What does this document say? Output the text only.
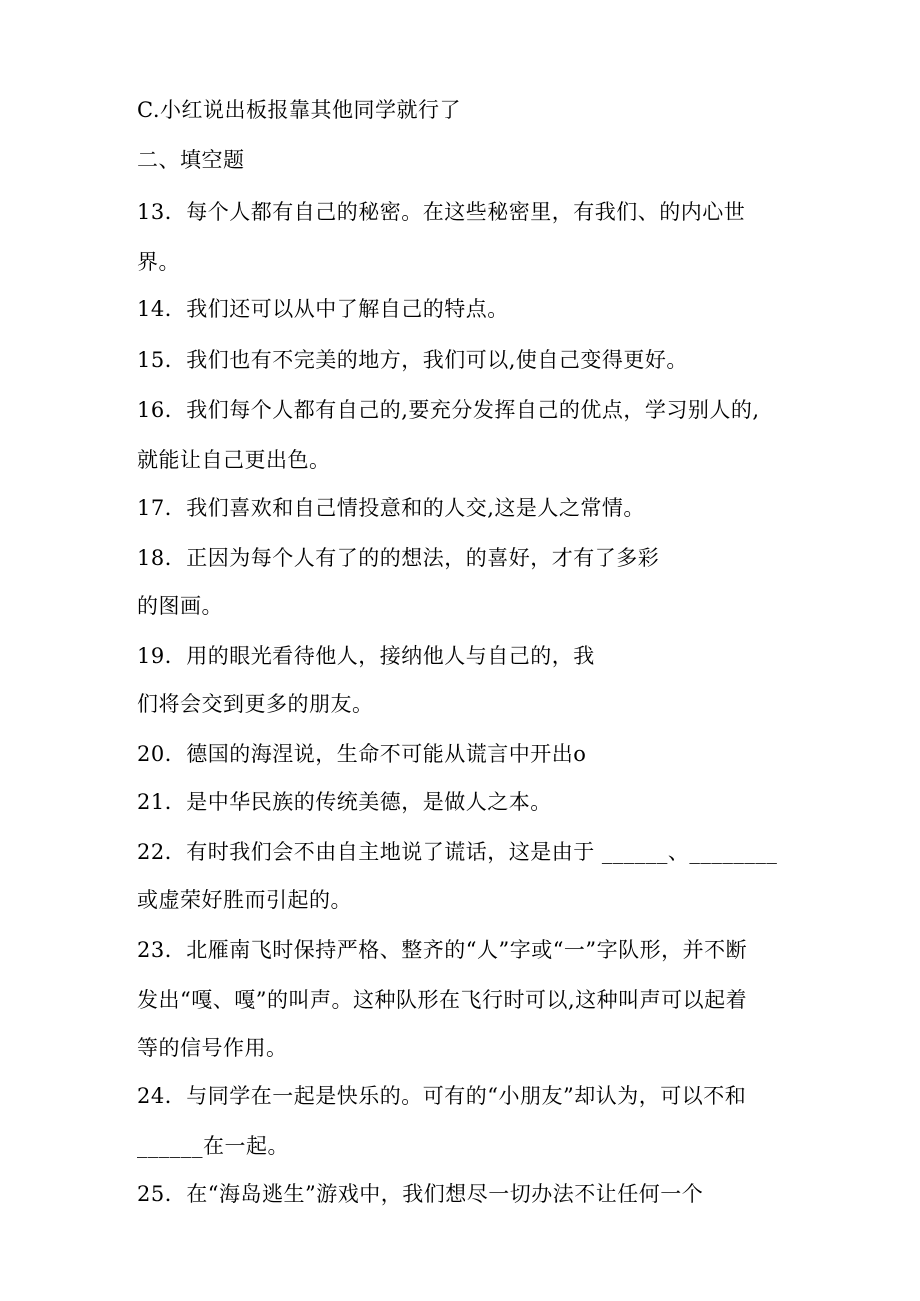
C.小红说出板报靠其他同学就行了
二、填空题
13．每个人都有自己的秘密。在这些秘密里，有我们、的内心世
界。
14．我们还可以从中了解自己的特点。
15．我们也有不完美的地方，我们可以,使自己变得更好。
16．我们每个人都有自己的,要充分发挥自己的优点，学习别人的,
就能让自己更出色。
17．我们喜欢和自己情投意和的人交,这是人之常情。
18．正因为每个人有了的的想法，的喜好，才有了多彩
的图画。
19．用的眼光看待他人，接纳他人与自己的，我
们将会交到更多的朋友。
20．德国的海涅说，生命不可能从谎言中开出o
21．是中华民族的传统美德，是做人之本。
22．有时我们会不由自主地说了谎话，这是由于 ______、________
或虚荣好胜而引起的。
23．北雁南飞时保持严格、整齐的“人”字或“一”字队形，并不断
发出“嘎、嘎”的叫声。这种队形在飞行时可以,这种叫声可以起着
等的信号作用。
24．与同学在一起是快乐的。可有的“小朋友”却认为，可以不和
______在一起。
25．在“海岛逃生”游戏中，我们想尽一切办法不让任何一个
